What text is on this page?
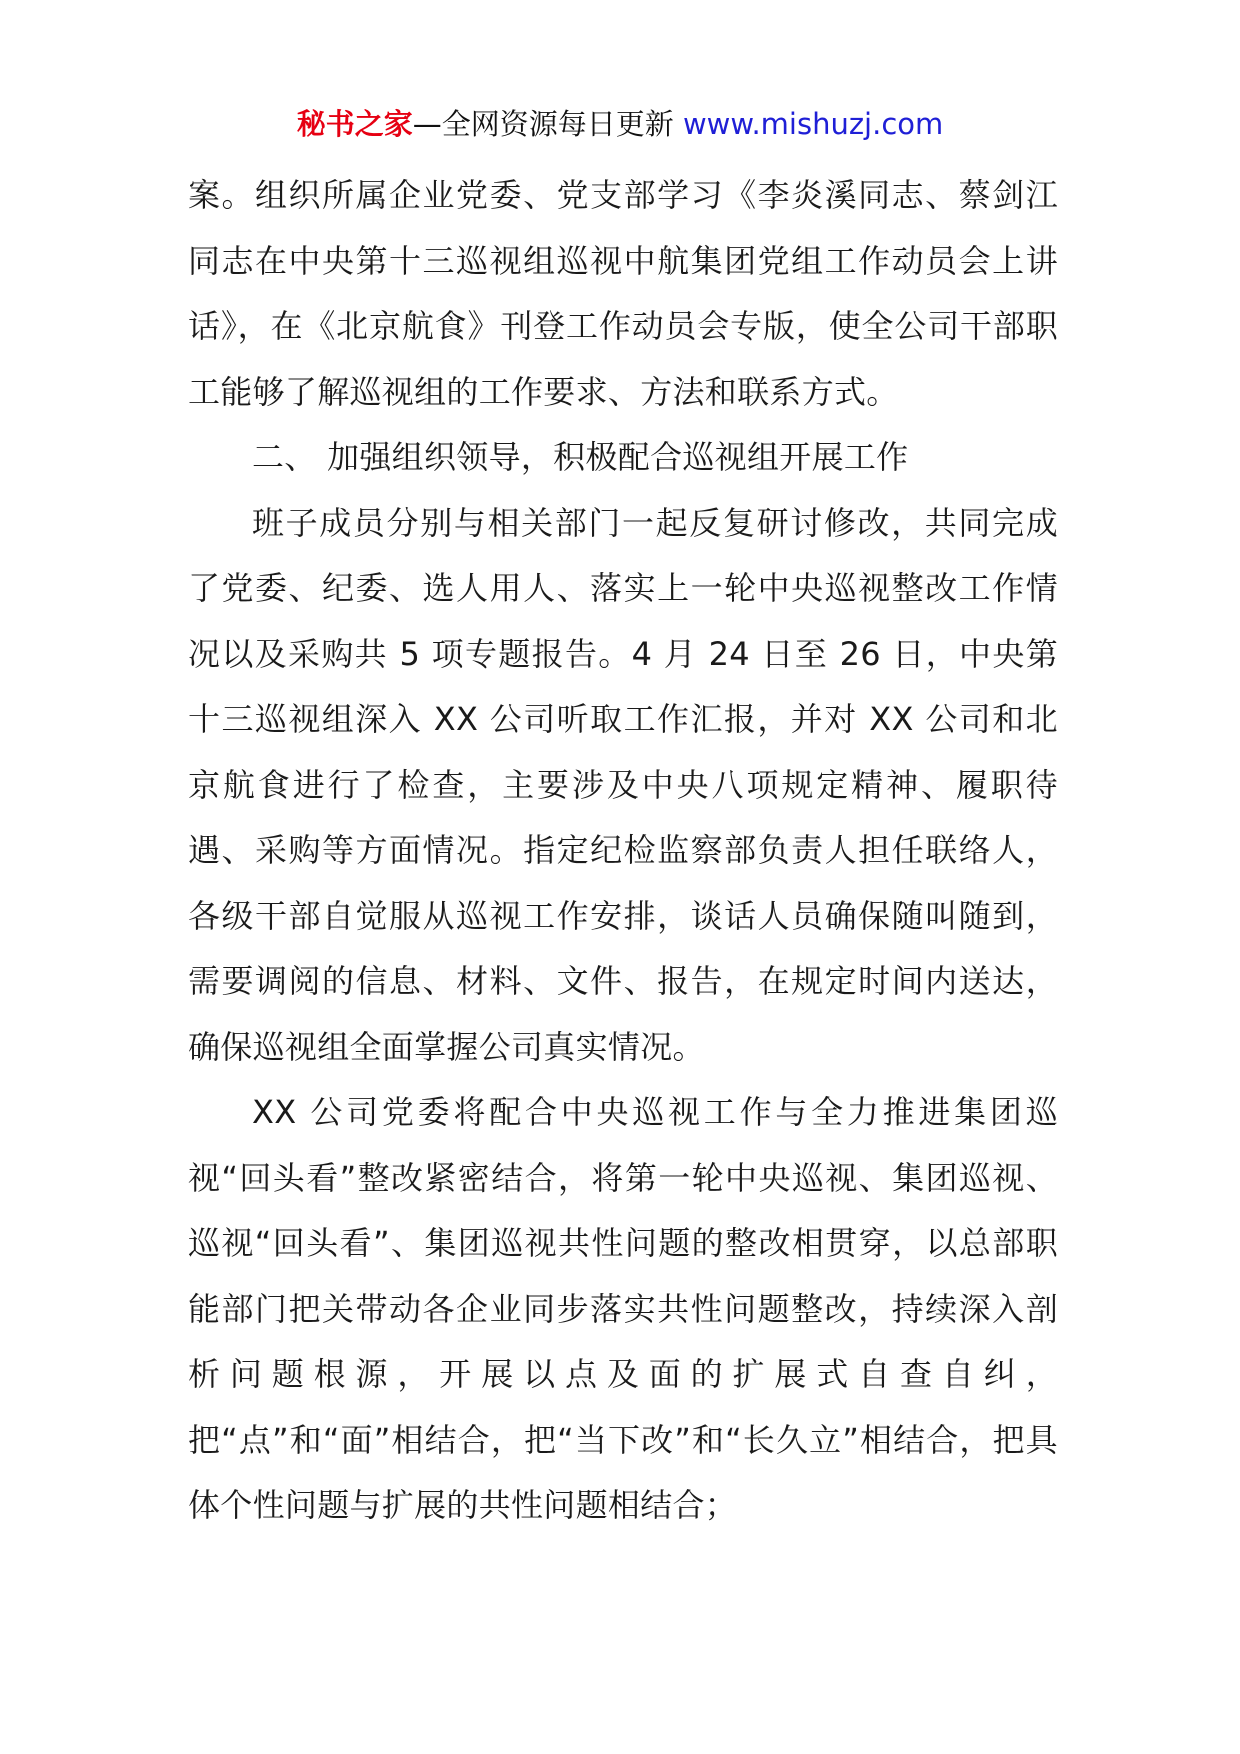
秘书之家—全网资源每日更新 www.mishuzj.com

案。组织所属企业党委、党支部学习《李炎溪同志、蔡剑江同志在中央第十三巡视组巡视中航集团党组工作动员会上讲话》，在《北京航食》刊登工作动员会专版，使全公司干部职工能够了解巡视组的工作要求、方法和联系方式。

二、 加强组织领导，积极配合巡视组开展工作

班子成员分别与相关部门一起反复研讨修改，共同完成了党委、纪委、选人用人、落实上一轮中央巡视整改工作情况以及采购共 5 项专题报告。4 月 24 日至 26 日，中央第十三巡视组深入 XX 公司听取工作汇报，并对 XX 公司和北京航食进行了检查，主要涉及中央八项规定精神、履职待遇、采购等方面情况。指定纪检监察部负责人担任联络人，各级干部自觉服从巡视工作安排，谈话人员确保随叫随到，需要调阅的信息、材料、文件、报告，在规定时间内送达，确保巡视组全面掌握公司真实情况。

XX 公司党委将配合中央巡视工作与全力推进集团巡视“回头看”整改紧密结合，将第一轮中央巡视、集团巡视、巡视“回头看”、集团巡视共性问题的整改相贯穿，以总部职能部门把关带动各企业同步落实共性问题整改，持续深入剖析问题根源，开展以点及面的扩展式自查自纠，把“点”和“面”相结合，把“当下改”和“长久立”相结合，把具体个性问题与扩展的共性问题相结合；
